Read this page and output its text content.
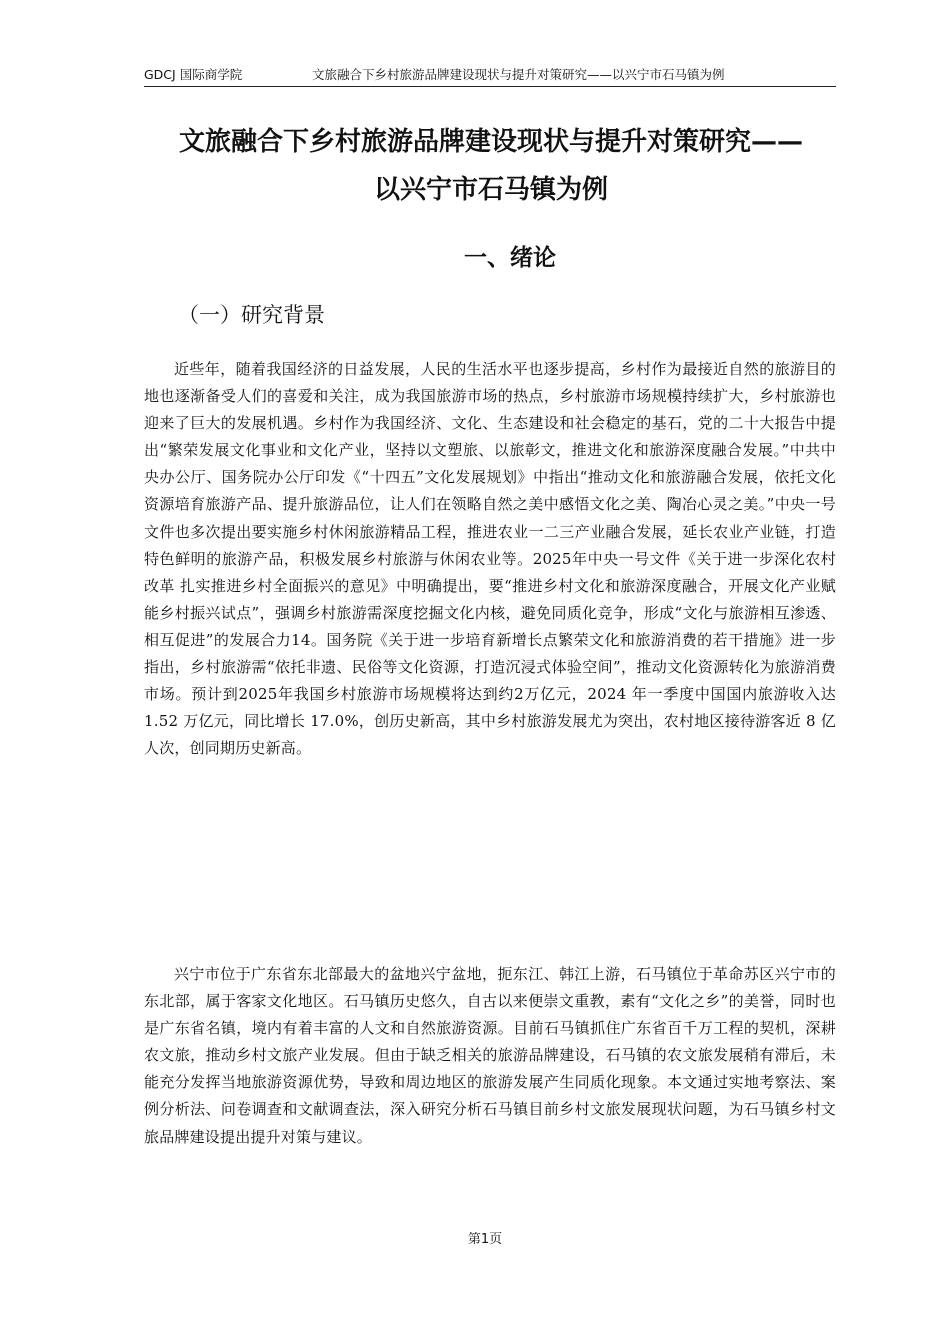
GDCJ 国际商学院	文旅融合下乡村旅游品牌建设现状与提升对策研究——以兴宁市石马镇为例
文旅融合下乡村旅游品牌建设现状与提升对策研究——
以兴宁市石马镇为例
一、绪论
（一）研究背景

近些年，随着我国经济的日益发展，人民的生活水平也逐步提高，乡村作为最接近自然的旅游目的地也逐渐备受人们的喜爱和关注，成为我国旅游市场的热点，乡村旅游市场规模持续扩大，乡村旅游也迎来了巨大的发展机遇。乡村作为我国经济、文化、生态建设和社会稳定的基石，党的二十大报告中提出“繁荣发展文化事业和文化产业，坚持以文塑旅、以旅彰文，推进文化和旅游深度融合发展。”中共中央办公厅、国务院办公厅印发《“十四五”文化发展规划》中指出“推动文化和旅游融合发展，依托文化资源培育旅游产品、提升旅游品位，让人们在领略自然之美中感悟文化之美、陶冶心灵之美。”中央一号文件也多次提出要实施乡村休闲旅游精品工程，推进农业一二三产业融合发展，延长农业产业链，打造特色鲜明的旅游产品，积极发展乡村旅游与休闲农业等。2025年中央一号文件《关于进一步深化农村改革 扎实推进乡村全面振兴的意见》中明确提出，要“推进乡村文化和旅游深度融合，开展文化产业赋能乡村振兴试点”，强调乡村旅游需深度挖掘文化内核，避免同质化竞争，形成“文化与旅游相互渗透、相互促进”的发展合力14。国务院《关于进一步培育新增长点繁荣文化和旅游消费的若干措施》进一步指出，乡村旅游需“依托非遗、民俗等文化资源，打造沉浸式体验空间”，推动文化资源转化为旅游消费市场。预计到2025年我国乡村旅游市场规模将达到约2万亿元，2024 年一季度中国国内旅游收入达 1.52 万亿元，同比增长 17.0%，创历史新高，其中乡村旅游发展尤为突出，农村地区接待游客近 8 亿人次，创同期历史新高。

兴宁市位于广东省东北部最大的盆地兴宁盆地，扼东江、韩江上游，石马镇位于革命苏区兴宁市的东北部，属于客家文化地区。石马镇历史悠久，自古以来便崇文重教，素有“文化之乡”的美誉，同时也是广东省名镇，境内有着丰富的人文和自然旅游资源。目前石马镇抓住广东省百千万工程的契机，深耕农文旅，推动乡村文旅产业发展。但由于缺乏相关的旅游品牌建设，石马镇的农文旅发展稍有滞后，未能充分发挥当地旅游资源优势，导致和周边地区的旅游发展产生同质化现象。本文通过实地考察法、案例分析法、问卷调查和文献调查法，深入研究分析石马镇目前乡村文旅发展现状问题，为石马镇乡村文旅品牌建设提出提升对策与建议。

第1页
